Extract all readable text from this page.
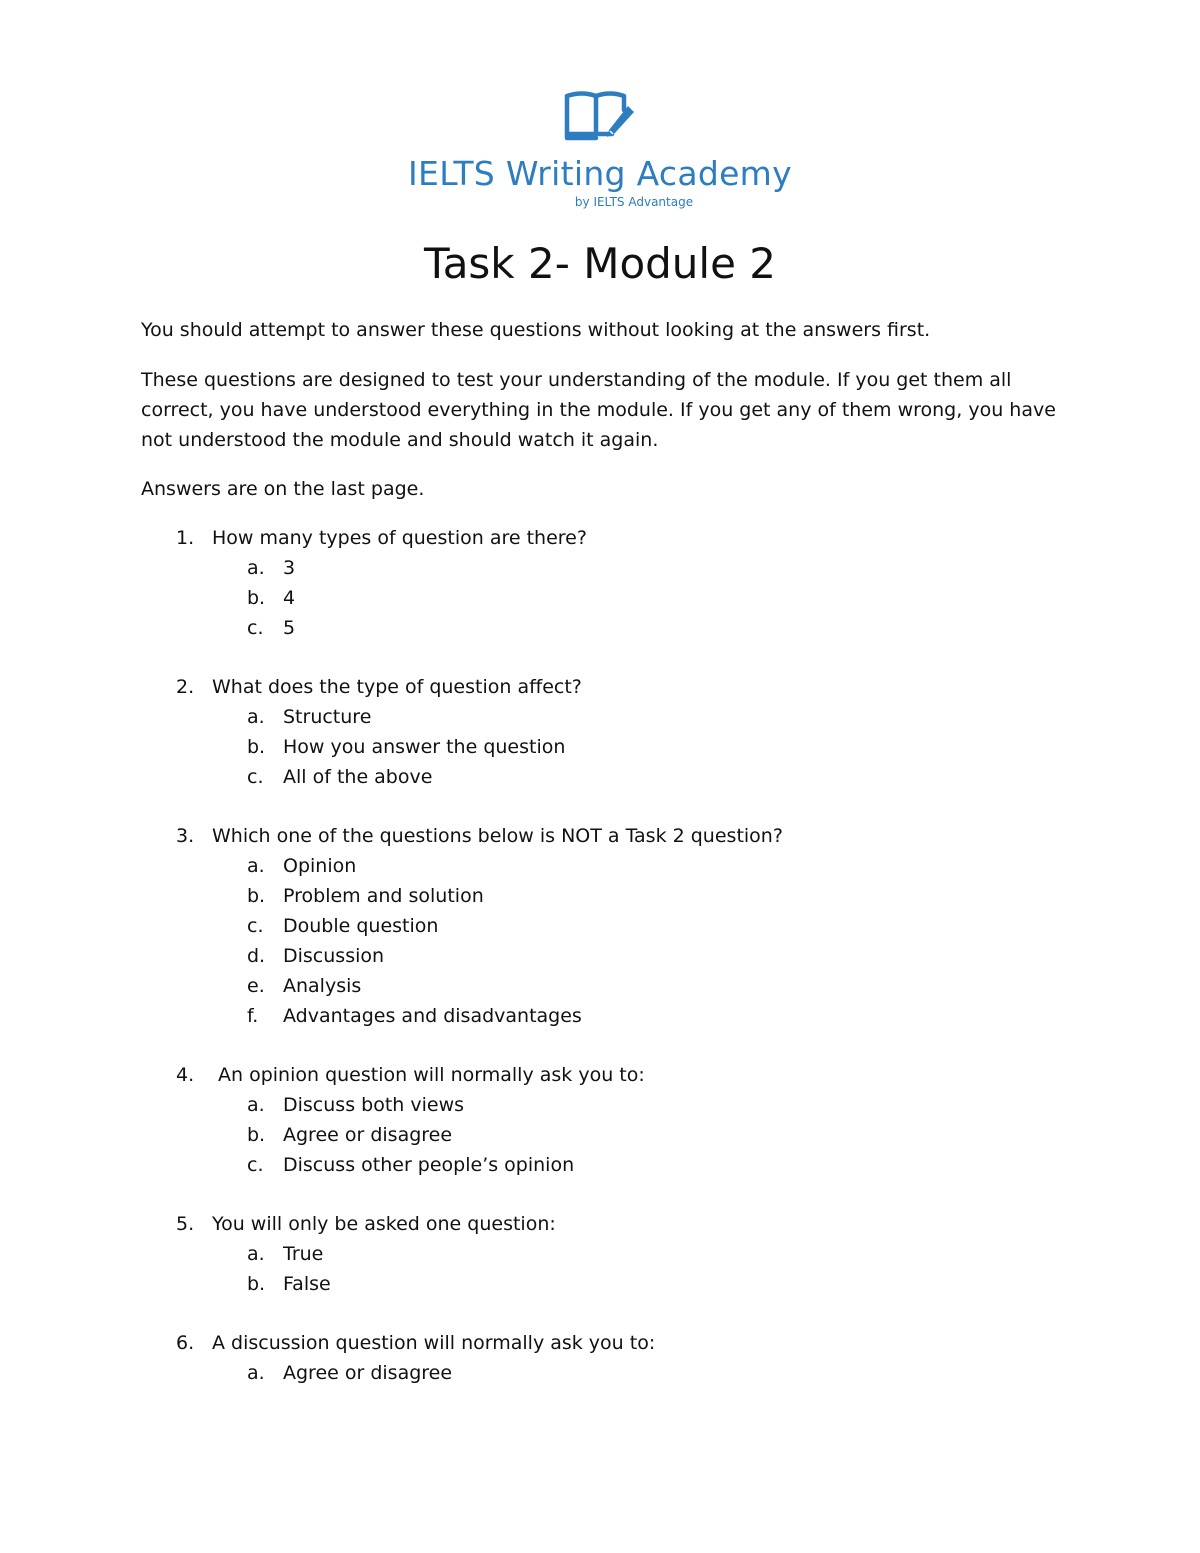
IELTS Writing Academy
by IELTS Advantage
Task 2- Module 2

You should attempt to answer these questions without looking at the answers first.

These questions are designed to test your understanding of the module. If you get them all correct, you have understood everything in the module. If you get any of them wrong, you have not understood the module and should watch it again.

Answers are on the last page.

1. How many types of question are there?
a. 3
b. 4
c. 5
2. What does the type of question affect?
a. Structure
b. How you answer the question
c. All of the above
3. Which one of the questions below is NOT a Task 2 question?
a. Opinion
b. Problem and solution
c. Double question
d. Discussion
e. Analysis
f. Advantages and disadvantages
4. An opinion question will normally ask you to:
a. Discuss both views
b. Agree or disagree
c. Discuss other people’s opinion
5. You will only be asked one question:
a. True
b. False
6. A discussion question will normally ask you to:
a. Agree or disagree
